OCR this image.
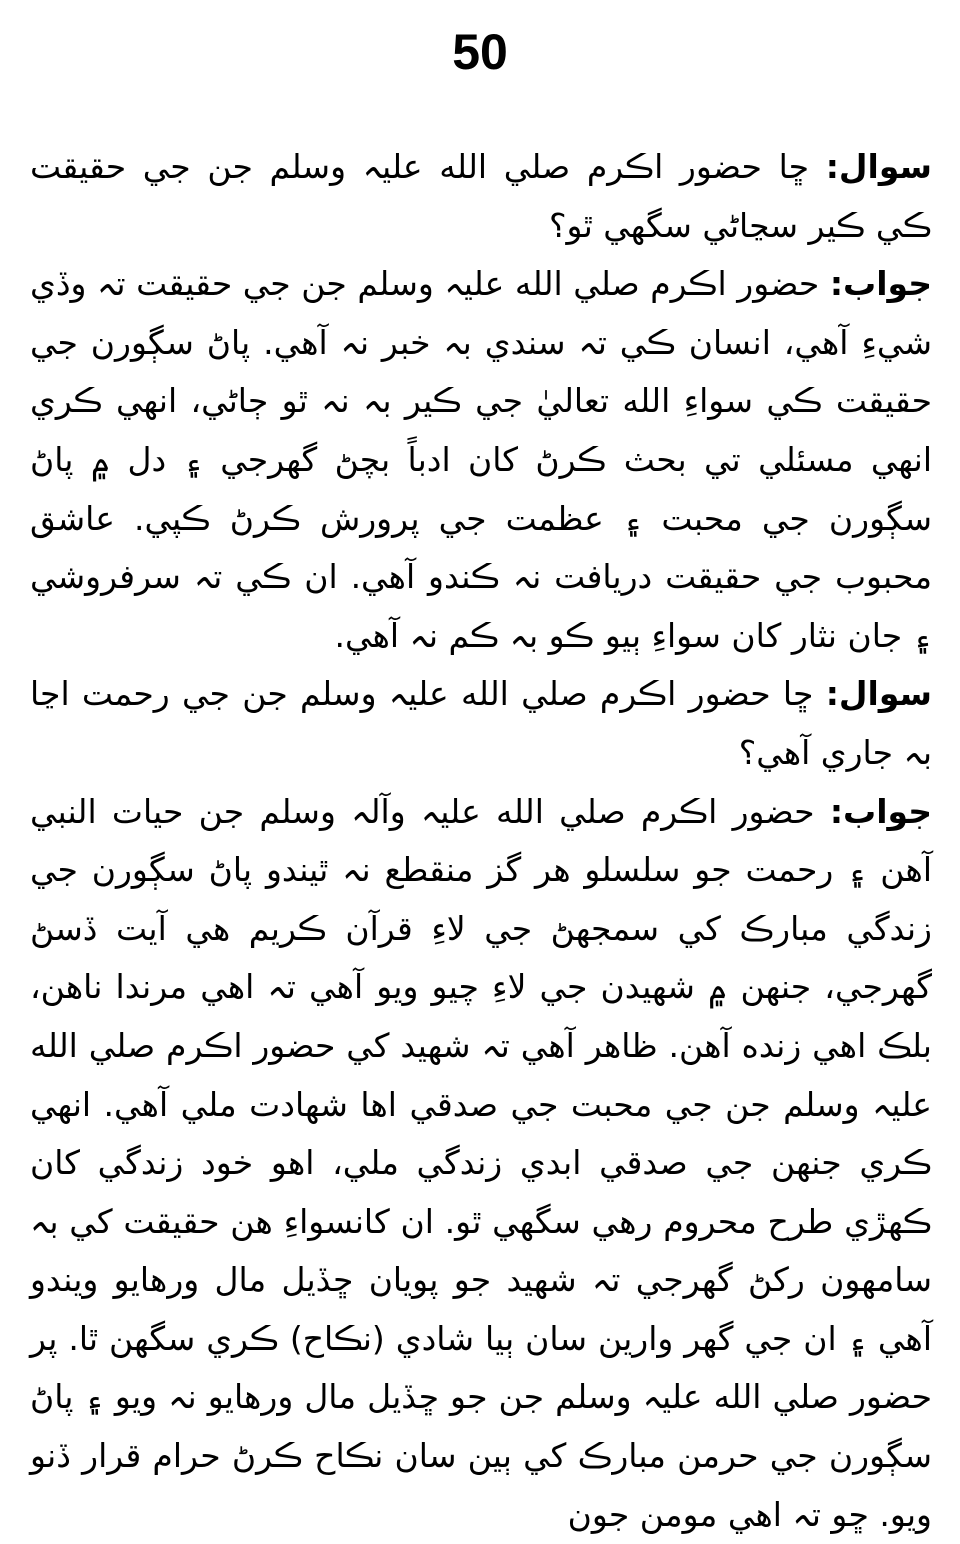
50

سوال: ڇا حضور اڪرم صلي الله عليہ وسلم جن جي حقيقت ڪي ڪير سڃاڻي سگھي ٿو؟

جواب: حضور اڪرم صلي الله عليہ وسلم جن جي حقيقت تہ وڏي شيءِ آهي، انسان ڪي تہ سندي بہ خبر نہ آهي. پاڻ سڳورن جي حقيقت ڪي سواءِ الله تعاليٰ جي ڪير بہ نہ ٿو ڄاڻي، انهي ڪري انهي مسئلي تي بحث ڪرڻ کان ادباً بچڻ گهرجي ۽ دل ۾ پاڻ سڳورن جي محبت ۽ عظمت جي پرورش ڪرڻ ڪپي. عاشق محبوب جي حقيقت دريافت نہ ڪندو آهي. ان ڪي تہ سرفروشي ۽ جان نثار کان سواءِ ٻيو ڪو بہ ڪم نہ آهي.

سوال: ڇا حضور اڪرم صلي الله عليہ وسلم جن جي رحمت اڃا بہ جاري آهي؟

جواب: حضور اڪرم صلي الله عليہ وآلہ وسلم جن حيات النبي آهن ۽ رحمت جو سلسلو هر گز منقطع نہ ٿيندو پاڻ سڳورن جي زندگي مبارڪ کي سمجهڻ جي لاءِ قرآن ڪريم هي آيت ڏسڻ گهرجي، جنهن ۾ شهيدن جي لاءِ چيو ويو آهي تہ اهي مرندا ناهن، بلڪ اهي زنده آهن. ظاهر آهي تہ شهيد کي حضور اڪرم صلي الله عليہ وسلم جن جي محبت جي صدقي اها شهادت ملي آهي. انهي ڪري جنهن جي صدقي ابدي زندگي ملي، اهو خود زندگي کان ڪهڙي طرح محروم رهي سگهي ٿو. ان کانسواءِ هن حقيقت کي بہ سامهون رکڻ گهرجي تہ شهيد جو پويان ڇڏيل مال ورهايو ويندو آهي ۽ ان جي گهر وارين سان ٻيا شادي (نڪاح) ڪري سگهن ٿا. پر حضور صلي الله عليہ وسلم جن جو ڇڏيل مال ورهايو نہ ويو ۽ پاڻ سڳورن جي حرمن مبارڪ کي ٻين سان نڪاح ڪرڻ حرام قرار ڏنو ويو. ڇو تہ اهي مومن جون
